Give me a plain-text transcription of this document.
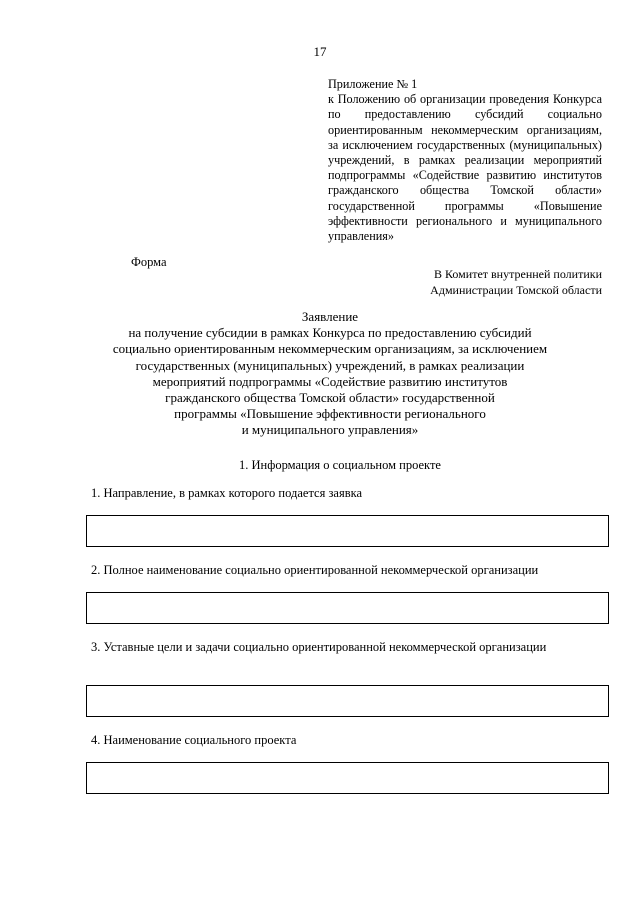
17
Приложение № 1
к Положению об организации проведения Конкурса по предоставлению субсидий социально ориентированным некоммерческим организациям, за исключением государственных (муниципальных) учреждений, в рамках реализации мероприятий подпрограммы «Содействие развитию институтов гражданского общества Томской области» государственной программы «Повышение эффективности регионального и муниципального управления»
Форма
В Комитет внутренней политики
Администрации Томской области
Заявление
на получение субсидии в рамках Конкурса по предоставлению субсидий
социально ориентированным некоммерческим организациям, за исключением
государственных (муниципальных) учреждений, в рамках реализации
мероприятий подпрограммы «Содействие развитию институтов
гражданского общества Томской области» государственной
программы «Повышение эффективности регионального
и муниципального управления»
1. Информация о социальном проекте
1. Направление, в рамках которого подается заявка
2. Полное наименование социально ориентированной некоммерческой организации
3. Уставные цели и задачи социально ориентированной некоммерческой организации
4. Наименование социального проекта
